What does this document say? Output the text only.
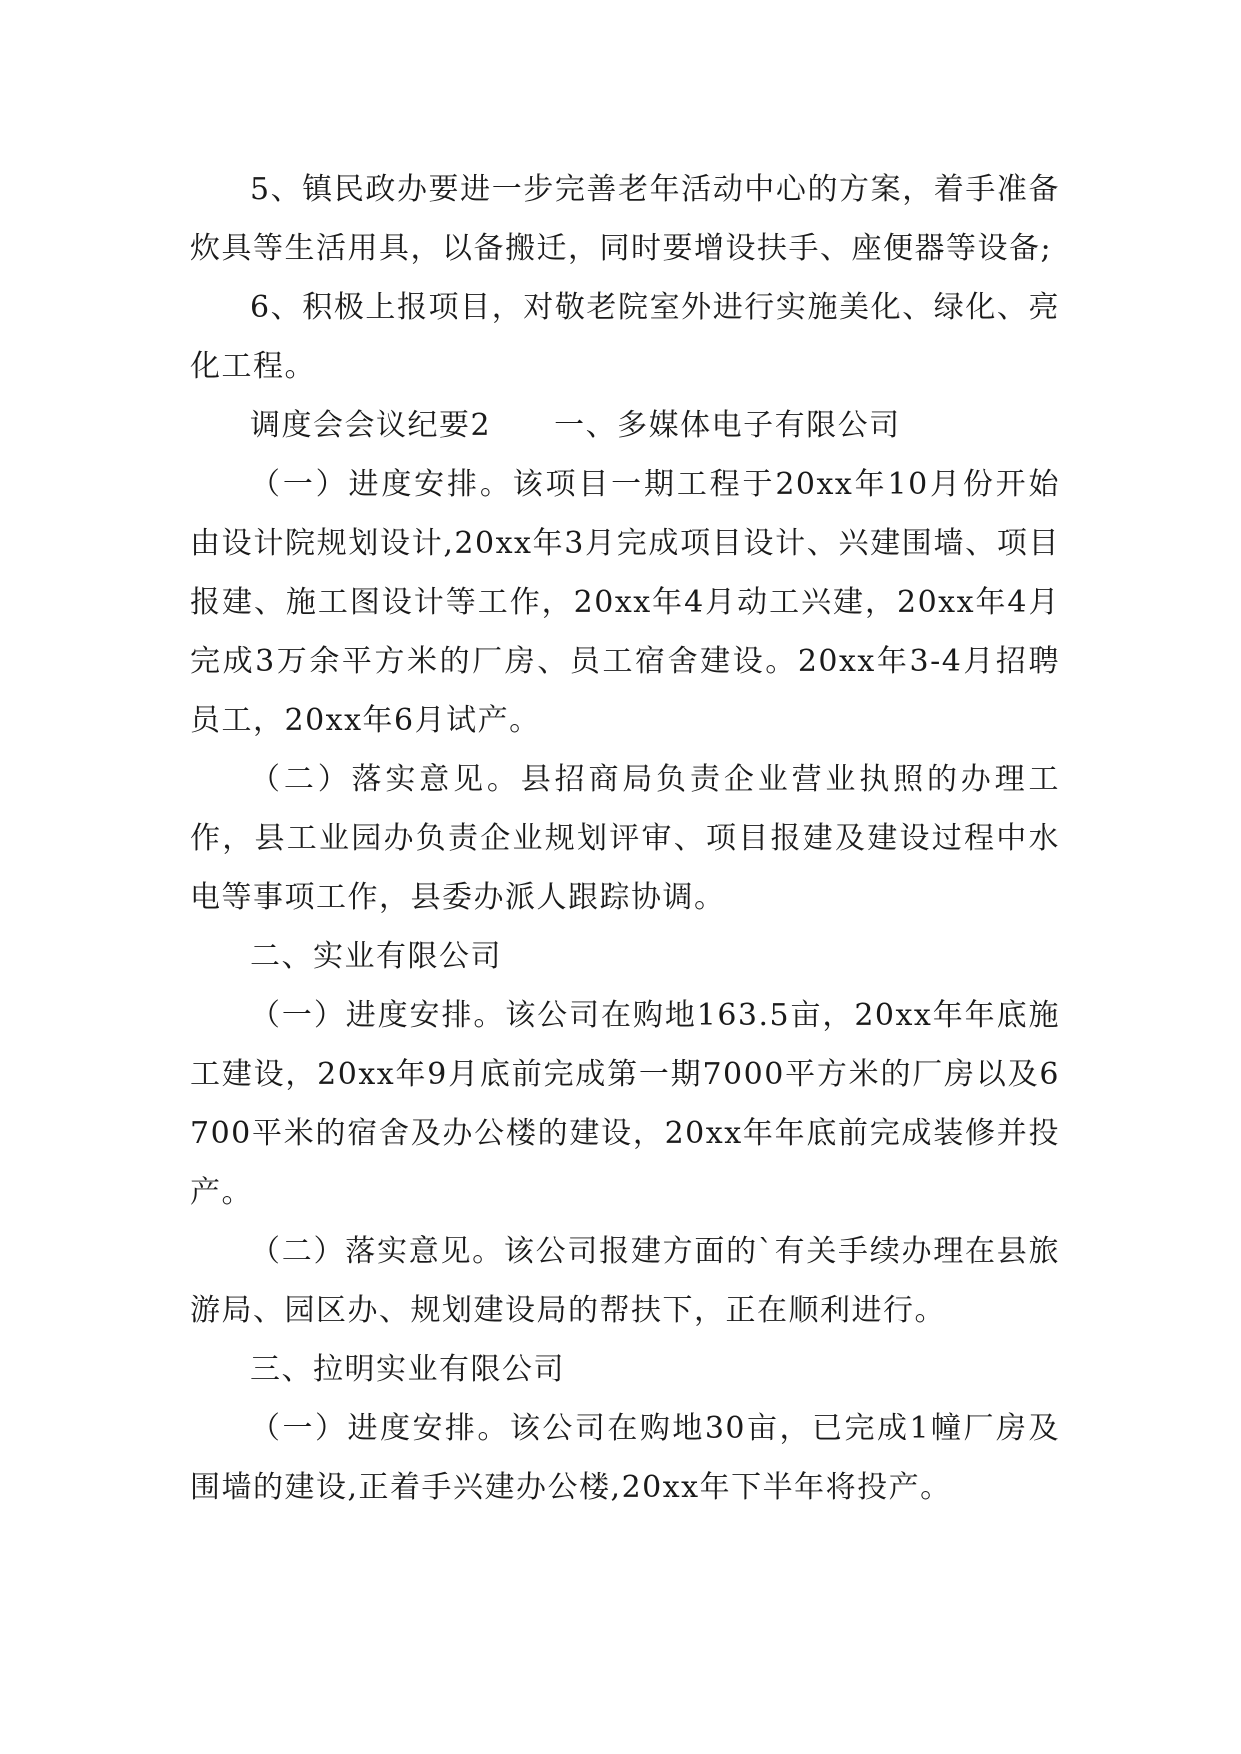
5、镇民政办要进一步完善老年活动中心的方案，着手准备炊具等生活用具，以备搬迁，同时要增设扶手、座便器等设备;

6、积极上报项目，对敬老院室外进行实施美化、绿化、亮化工程。

调度会会议纪要2　　一、多媒体电子有限公司

（一）进度安排。该项目一期工程于20xx年10月份开始由设计院规划设计,20xx年3月完成项目设计、兴建围墙、项目报建、施工图设计等工作，20xx年4月动工兴建，20xx年4月完成3万余平方米的厂房、员工宿舍建设。20xx年3-4月招聘员工，20xx年6月试产。

（二）落实意见。县招商局负责企业营业执照的办理工作，县工业园办负责企业规划评审、项目报建及建设过程中水电等事项工作，县委办派人跟踪协调。

二、实业有限公司

（一）进度安排。该公司在购地163.5亩，20xx年年底施工建设，20xx年9月底前完成第一期7000平方米的厂房以及6700平米的宿舍及办公楼的建设，20xx年年底前完成装修并投产。

（二）落实意见。该公司报建方面的`有关手续办理在县旅游局、园区办、规划建设局的帮扶下，正在顺利进行。

三、拉明实业有限公司

（一）进度安排。该公司在购地30亩，已完成1幢厂房及围墙的建设,正着手兴建办公楼,20xx年下半年将投产。
